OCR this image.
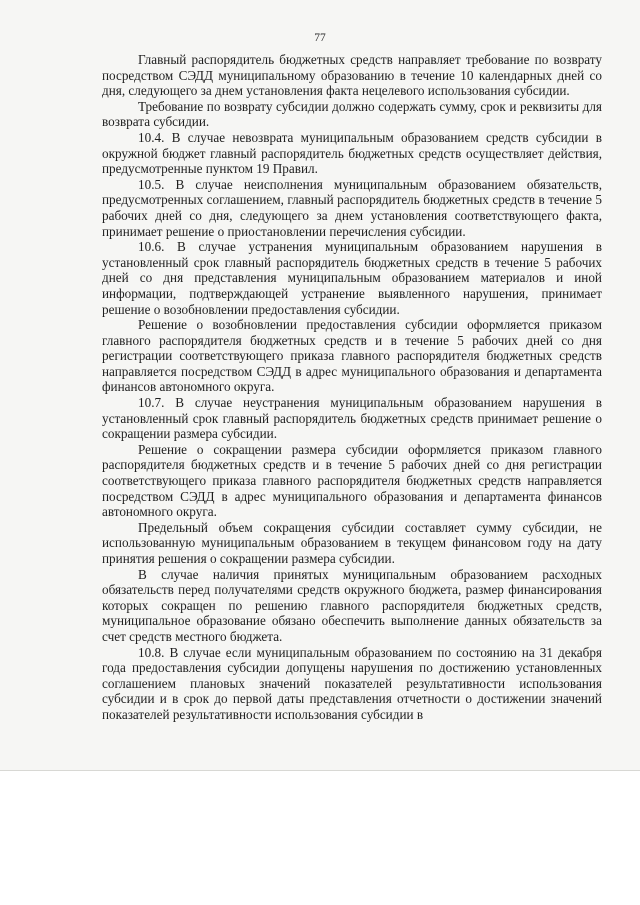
77

Главный распорядитель бюджетных средств направляет требование по возврату посредством СЭДД муниципальному образованию в течение 10 календарных дней со дня, следующего за днем установления факта нецелевого использования субсидии.

Требование по возврату субсидии должно содержать сумму, срок и реквизиты для возврата субсидии.

10.4. В случае невозврата муниципальным образованием средств субсидии в окружной бюджет главный распорядитель бюджетных средств осуществляет действия, предусмотренные пунктом 19 Правил.

10.5. В случае неисполнения муниципальным образованием обязательств, предусмотренных соглашением, главный распорядитель бюджетных средств в течение 5 рабочих дней со дня, следующего за днем установления соответствующего факта, принимает решение о приостановлении перечисления субсидии.

10.6. В случае устранения муниципальным образованием нарушения в установленный срок главный распорядитель бюджетных средств в течение 5 рабочих дней со дня представления муниципальным образованием материалов и иной информации, подтверждающей устранение выявленного нарушения, принимает решение о возобновлении предоставления субсидии.

Решение о возобновлении предоставления субсидии оформляется приказом главного распорядителя бюджетных средств и в течение 5 рабочих дней со дня регистрации соответствующего приказа главного распорядителя бюджетных средств направляется посредством СЭДД в адрес муниципального образования и департамента финансов автономного округа.

10.7. В случае неустранения муниципальным образованием нарушения в установленный срок главный распорядитель бюджетных средств принимает решение о сокращении размера субсидии.

Решение о сокращении размера субсидии оформляется приказом главного распорядителя бюджетных средств и в течение 5 рабочих дней со дня регистрации соответствующего приказа главного распорядителя бюджетных средств направляется посредством СЭДД в адрес муниципального образования и департамента финансов автономного округа.

Предельный объем сокращения субсидии составляет сумму субсидии, не использованную муниципальным образованием в текущем финансовом году на дату принятия решения о сокращении размера субсидии.

В случае наличия принятых муниципальным образованием расходных обязательств перед получателями средств окружного бюджета, размер финансирования которых сокращен по решению главного распорядителя бюджетных средств, муниципальное образование обязано обеспечить выполнение данных обязательств за счет средств местного бюджета.

10.8. В случае если муниципальным образованием по состоянию на 31 декабря года предоставления субсидии допущены нарушения по достижению установленных соглашением плановых значений показателей результативности использования субсидии и в срок до первой даты представления отчетности о достижении значений показателей результативности использования субсидии в
